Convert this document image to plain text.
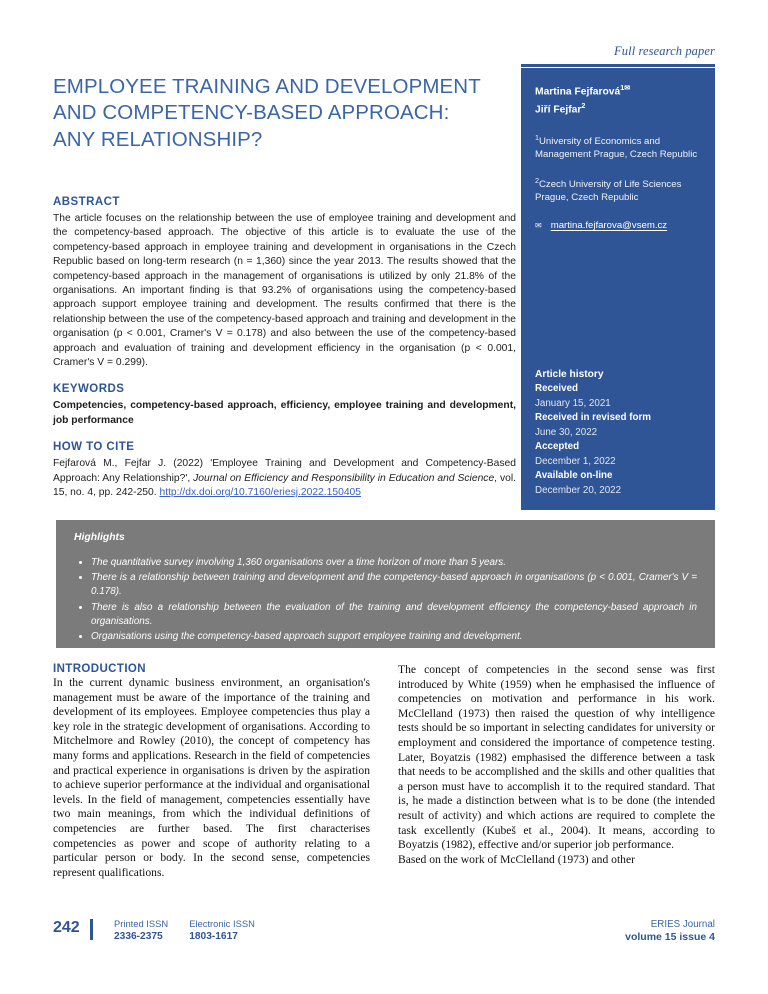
Full research paper
EMPLOYEE TRAINING AND DEVELOPMENT AND COMPETENCY-BASED APPROACH: ANY RELATIONSHIP?
ABSTRACT

The article focuses on the relationship between the use of employee training and development and the competency-based approach. The objective of this article is to evaluate the use of the competency-based approach in employee training and development in organisations in the Czech Republic based on long-term research (n = 1,360) since the year 2013. The results showed that the competency-based approach in the management of organisations is utilized by only 21.8% of the organisations. An important finding is that 93.2% of organisations using the competency-based approach support employee training and development. The results confirmed that there is the relationship between the use of the competency-based approach and training and development in the organisation (p < 0.001, Cramer's V = 0.178) and also between the use of the competency-based approach and evaluation of training and development efficiency in the organisation (p < 0.001, Cramer's V = 0.299).

KEYWORDS

Competencies, competency-based approach, efficiency, employee training and development, job performance

HOW TO CITE

Fejfarová M., Fejfar J. (2022) 'Employee Training and Development and Competency-Based Approach: Any Relationship?', Journal on Efficiency and Responsibility in Education and Science, vol. 15, no. 4, pp. 242-250. http://dx.doi.org/10.7160/eriesj.2022.150405

Martina Fejfarová$^{1✉}$
Jiří Fejfar$^2$
$^1$University of Economics and Management Prague, Czech Republic
$^2$Czech University of Life Sciences Prague, Czech Republic
✉ martina.fejfarova@vsem.cz
Article history
Received
January 15, 2021
Received in revised form
June 30, 2022
Accepted
December 1, 2022
Available on-line
December 20, 2022
Highlights
• The quantitative survey involving 1,360 organisations over a time horizon of more than 5 years.
• There is a relationship between training and development and the competency-based approach in organisations (p < 0.001, Cramer's V = 0.178).
• There is also a relationship between the evaluation of the training and development efficiency the competency-based approach in organisations.
• Organisations using the competency-based approach support employee training and development.
INTRODUCTION

In the current dynamic business environment, an organisation's management must be aware of the importance of the training and development of its employees. Employee competencies thus play a key role in the strategic development of organisations. According to Mitchelmore and Rowley (2010), the concept of competency has many forms and applications. Research in the field of competencies and practical experience in organisations is driven by the aspiration to achieve superior performance at the individual and organisational levels. In the field of management, competencies essentially have two main meanings, from which the individual definitions of competencies are further based. The first characterises competencies as power and scope of authority relating to a particular person or body. In the second sense, competencies represent qualifications.

The concept of competencies in the second sense was first introduced by White (1959) when he emphasised the influence of competencies on motivation and performance in his work. McClelland (1973) then raised the question of why intelligence tests should be so important in selecting candidates for university or employment and considered the importance of competence testing. Later, Boyatzis (1982) emphasised the difference between a task that needs to be accomplished and the skills and other qualities that a person must have to accomplish it to the required standard. That is, he made a distinction between what is to be done (the intended result of activity) and which actions are required to complete the task excellently (Kubeš et al., 2004). It means, according to Boyatzis (1982), effective and/or superior job performance.

Based on the work of McClelland (1973) and other

242	Printed ISSN
2336-2375
Electronic ISSN
1803-1617
ERIES Journal
volume 15 issue 4
